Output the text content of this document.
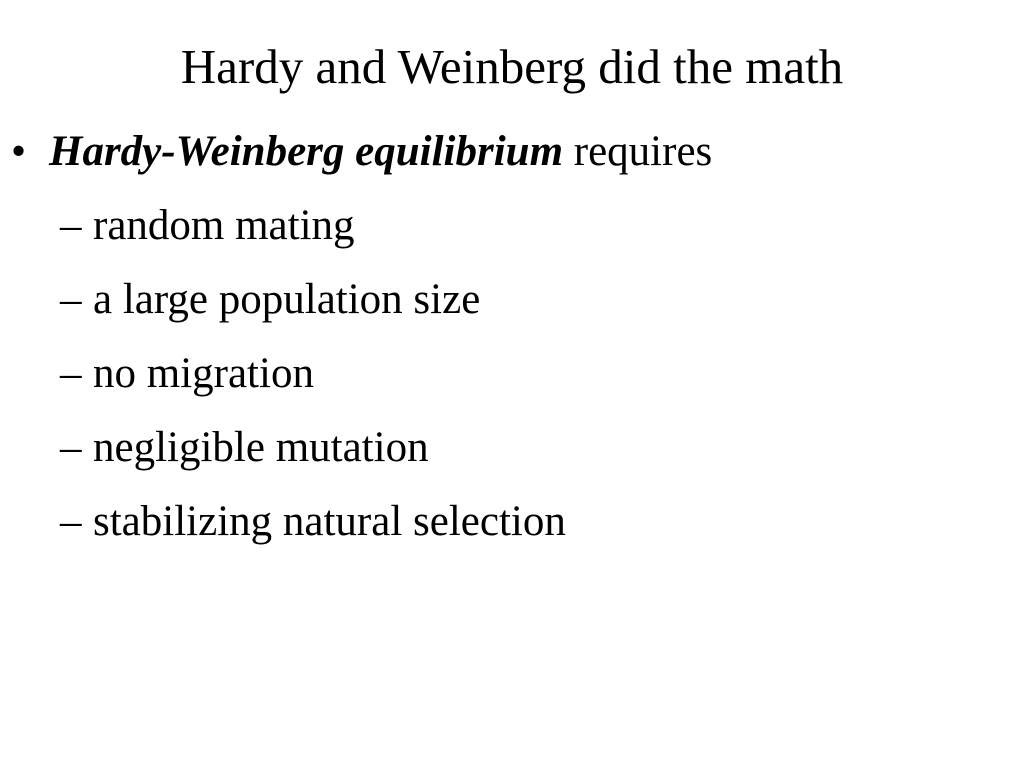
Hardy and Weinberg did the math
• Hardy-Weinberg equilibrium requires
– random mating
– a large population size
– no migration
– negligible mutation
– stabilizing natural selection
